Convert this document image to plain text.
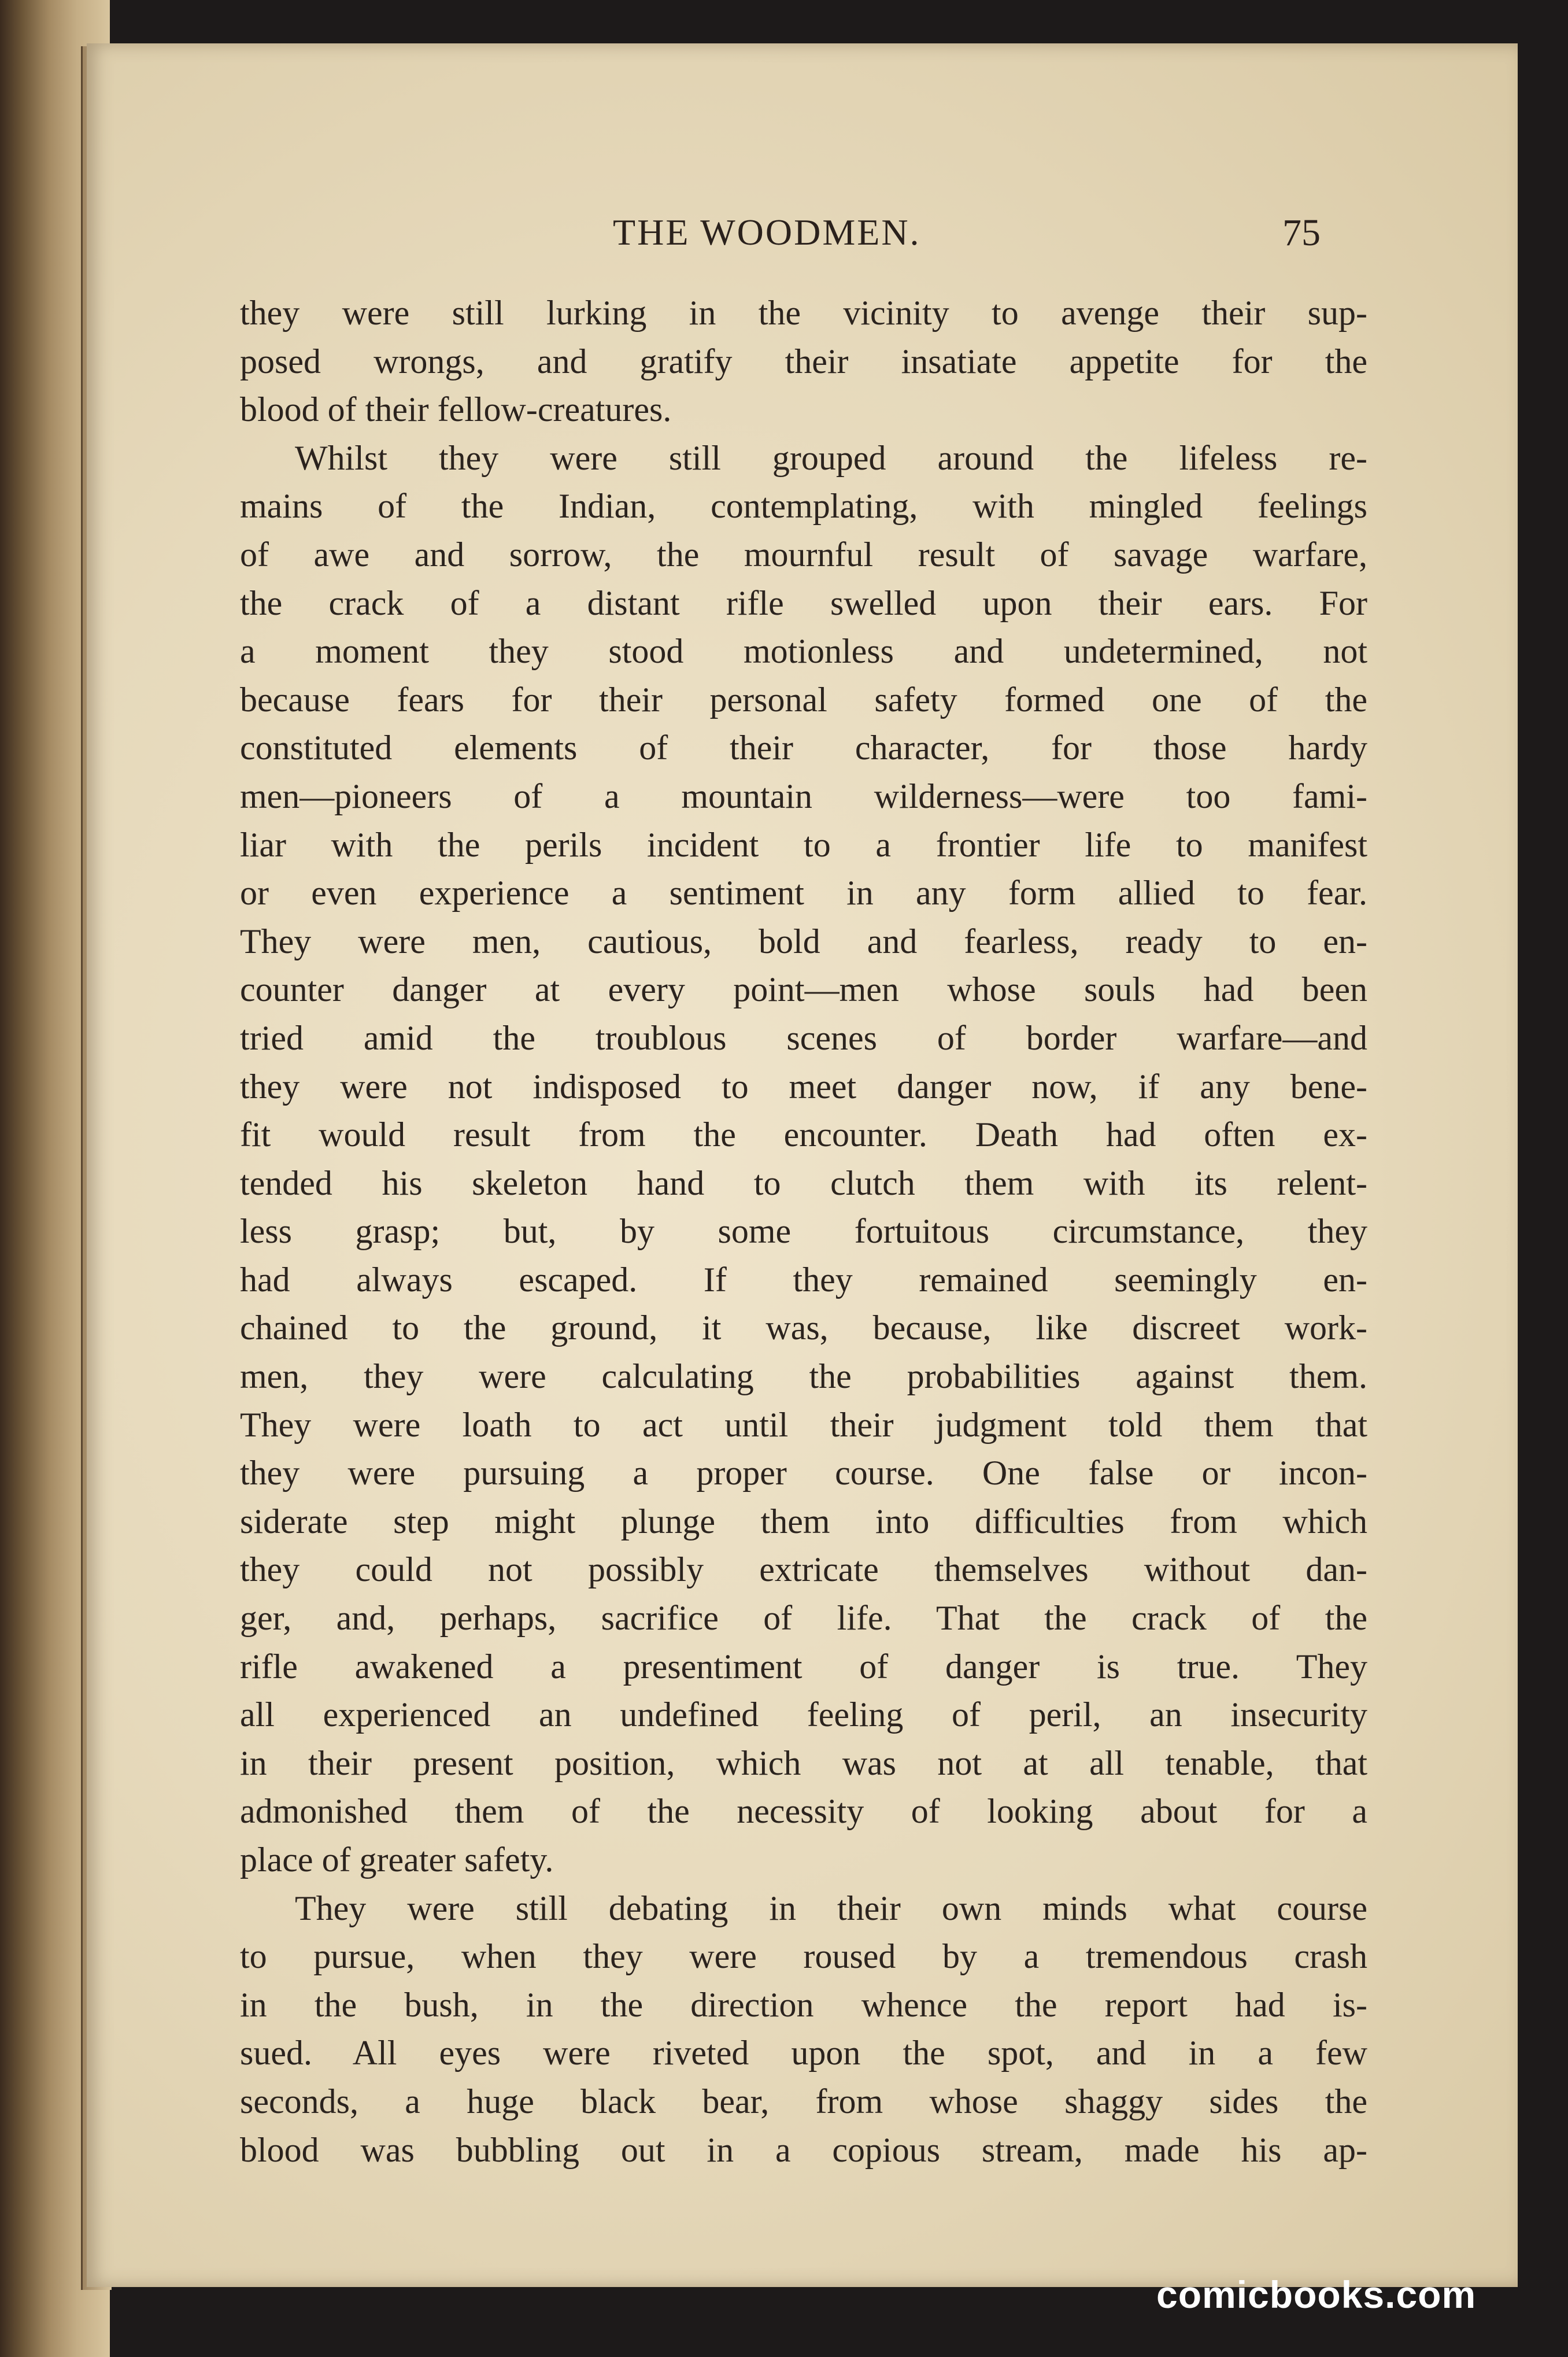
THE WOODMEN.	75
they were still lurking in the vicinity to avenge their sup-
posed wrongs, and gratify their insatiate appetite for the
blood of their fellow-creatures.
Whilst they were still grouped around the lifeless re-
mains of the Indian, contemplating, with mingled feelings
of awe and sorrow, the mournful result of savage warfare,
the crack of a distant rifle swelled upon their ears. For
a moment they stood motionless and undetermined, not
because fears for their personal safety formed one of the
constituted elements of their character, for those hardy
men—pioneers of a mountain wilderness—were too fami-
liar with the perils incident to a frontier life to manifest
or even experience a sentiment in any form allied to fear.
They were men, cautious, bold and fearless, ready to en-
counter danger at every point—men whose souls had been
tried amid the troublous scenes of border warfare—and
they were not indisposed to meet danger now, if any bene-
fit would result from the encounter. Death had often ex-
tended his skeleton hand to clutch them with its relent-
less grasp; but, by some fortuitous circumstance, they
had always escaped. If they remained seemingly en-
chained to the ground, it was, because, like discreet work-
men, they were calculating the probabilities against them.
They were loath to act until their judgment told them that
they were pursuing a proper course. One false or incon-
siderate step might plunge them into difficulties from which
they could not possibly extricate themselves without dan-
ger, and, perhaps, sacrifice of life. That the crack of the
rifle awakened a presentiment of danger is true. They
all experienced an undefined feeling of peril, an insecurity
in their present position, which was not at all tenable, that
admonished them of the necessity of looking about for a
place of greater safety.
They were still debating in their own minds what course
to pursue, when they were roused by a tremendous crash
in the bush, in the direction whence the report had is-
sued. All eyes were riveted upon the spot, and in a few
seconds, a huge black bear, from whose shaggy sides the
blood was bubbling out in a copious stream, made his ap-
comicbooks.com
